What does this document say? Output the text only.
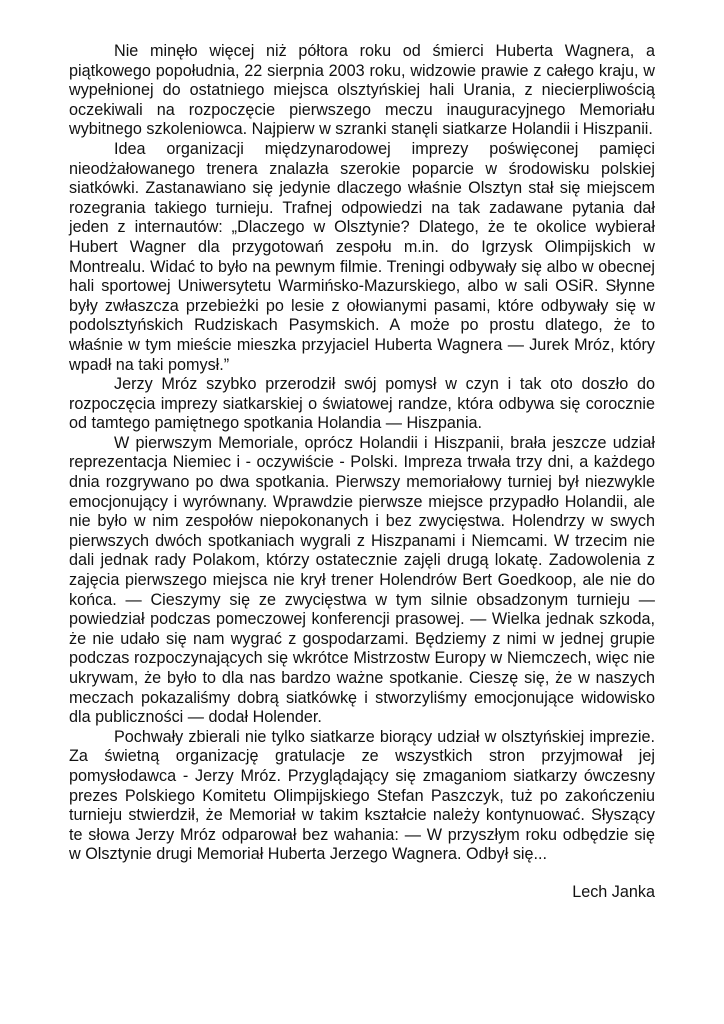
Nie minęło więcej niż półtora roku od śmierci Huberta Wagnera, a piątkowego popołudnia, 22 sierpnia 2003 roku, widzowie prawie z całego kraju, w wypełnionej do ostatniego miejsca olsztyńskiej hali Urania, z niecierpliwością oczekiwali na rozpoczęcie pierwszego meczu inauguracyjnego Memoriału wybitnego szkoleniowca. Najpierw w szranki stanęli siatkarze Holandii i Hiszpanii.

Idea organizacji międzynarodowej imprezy poświęconej pamięci nieodżałowanego trenera znalazła szerokie poparcie w środowisku polskiej siatkówki. Zastanawiano się jedynie dlaczego właśnie Olsztyn stał się miejscem rozegrania takiego turnieju. Trafnej odpowiedzi na tak zadawane pytania dał jeden z internautów: „Dlaczego w Olsztynie? Dlatego, że te okolice wybierał Hubert Wagner dla przygotowań zespołu m.in. do Igrzysk Olimpijskich w Montrealu. Widać to było na pewnym filmie. Treningi odbywały się albo w obecnej hali sportowej Uniwersytetu Warmińsko-Mazurskiego, albo w sali OSiR. Słynne były zwłaszcza przebieżki po lesie z ołowianymi pasami, które odbywały się w podolsztyńskich Rudziskach Pasymskich. A może po prostu dlatego, że to właśnie w tym mieście mieszka przyjaciel Huberta Wagnera — Jurek Mróz, który wpadł na taki pomysł.”

Jerzy Mróz szybko przerodził swój pomysł w czyn i tak oto doszło do rozpoczęcia imprezy siatkarskiej o światowej randze, która odbywa się corocznie od tamtego pamiętnego spotkania Holandia — Hiszpania.

W pierwszym Memoriale, oprócz Holandii i Hiszpanii, brała jeszcze udział reprezentacja Niemiec i - oczywiście - Polski. Impreza trwała trzy dni, a każdego dnia rozgrywano po dwa spotkania. Pierwszy memoriałowy turniej był niezwykle emocjonujący i wyrównany. Wprawdzie pierwsze miejsce przypadło Holandii, ale nie było w nim zespołów niepokonanych i bez zwycięstwa. Holendrzy w swych pierwszych dwóch spotkaniach wygrali z Hiszpanami i Niemcami. W trzecim nie dali jednak rady Polakom, którzy ostatecznie zajęli drugą lokatę. Zadowolenia z zajęcia pierwszego miejsca nie krył trener Holendrów Bert Goedkoop, ale nie do końca. — Cieszymy się ze zwycięstwa w tym silnie obsadzonym turnieju — powiedział podczas pomeczowej konferencji prasowej. — Wielka jednak szkoda, że nie udało się nam wygrać z gospodarzami. Będziemy z nimi w jednej grupie podczas rozpoczynających się wkrótce Mistrzostw Europy w Niemczech, więc nie ukrywam, że było to dla nas bardzo ważne spotkanie. Cieszę się, że w naszych meczach pokazaliśmy dobrą siatkówkę i stworzyliśmy emocjonujące widowisko dla publiczności — dodał Holender.

Pochwały zbierali nie tylko siatkarze biorący udział w olsztyńskiej imprezie. Za świetną organizację gratulacje ze wszystkich stron przyjmował jej pomysłodawca - Jerzy Mróz. Przyglądający się zmaganiom siatkarzy ówczesny prezes Polskiego Komitetu Olimpijskiego Stefan Paszczyk, tuż po zakończeniu turnieju stwierdził, że Memoriał w takim kształcie należy kontynuować. Słyszący te słowa Jerzy Mróz odparował bez wahania: — W przyszłym roku odbędzie się w Olsztynie drugi Memoriał Huberta Jerzego Wagnera. Odbył się...

Lech Janka
